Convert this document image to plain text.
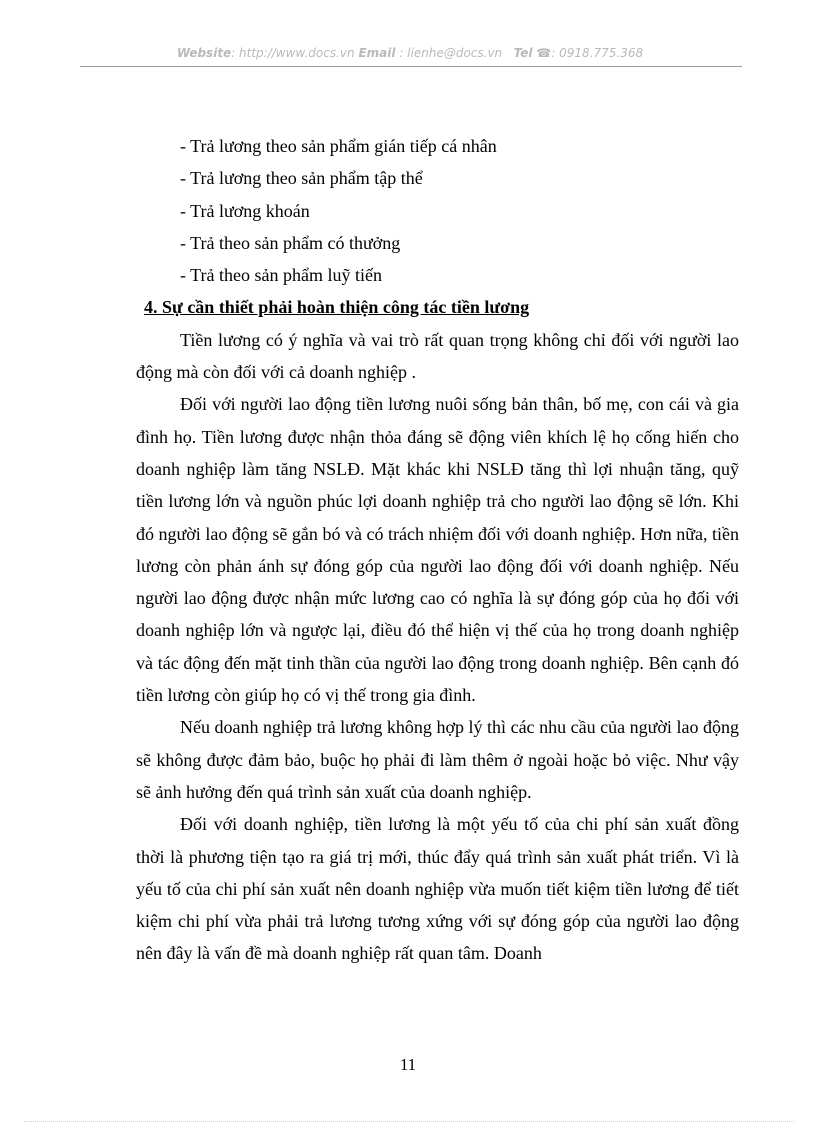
Website: http://www.docs.vn Email : lienhe@docs.vn Tel ☎: 0918.775.368
- Trả lương theo sản phẩm gián tiếp cá nhân
- Trả lương theo sản phẩm tập thể
- Trả lương khoán
- Trả theo sản phẩm có thưởng
- Trả theo sản phẩm luỹ tiến
4. Sự cần thiết phải hoàn thiện công tác tiền lương

Tiền lương có ý nghĩa và vai trò rất quan trọng không chỉ đối với người lao động mà còn đối với cả doanh nghiệp .

Đối với người lao động tiền lương nuôi sống bản thân, bố mẹ, con cái và gia đình họ. Tiền lương được nhận thỏa đáng sẽ động viên khích lệ họ cống hiến cho doanh nghiệp làm tăng NSLĐ. Mặt khác khi NSLĐ tăng thì lợi nhuận tăng, quỹ tiền lương lớn và nguồn phúc lợi doanh nghiệp trả cho người lao động sẽ lớn. Khi đó người lao động sẽ gắn bó và có trách nhiệm đối với doanh nghiệp. Hơn nữa, tiền lương còn phản ánh sự đóng góp của người lao động đối với doanh nghiệp. Nếu người lao động được nhận mức lương cao có nghĩa là sự đóng góp của họ đối với doanh nghiệp lớn và ngược lại, điều đó thể hiện vị thế của họ trong doanh nghiệp và tác động đến mặt tinh thần của người lao động trong doanh nghiệp. Bên cạnh đó tiền lương còn giúp họ có vị thế trong gia đình.

Nếu doanh nghiệp trả lương không hợp lý thì các nhu cầu của người lao động sẽ không được đảm bảo, buộc họ phải đi làm thêm ở ngoài hoặc bỏ việc. Như vậy sẽ ảnh hưởng đến quá trình sản xuất của doanh nghiệp.

Đối với doanh nghiệp, tiền lương là một yếu tố của chi phí sản xuất đồng thời là phương tiện tạo ra giá trị mới, thúc đẩy quá trình sản xuất phát triển. Vì là yếu tố của chi phí sản xuất nên doanh nghiệp vừa muốn tiết kiệm tiền lương để tiết kiệm chi phí vừa phải trả lương tương xứng với sự đóng góp của người lao động nên đây là vấn đề mà doanh nghiệp rất quan tâm. Doanh

11
